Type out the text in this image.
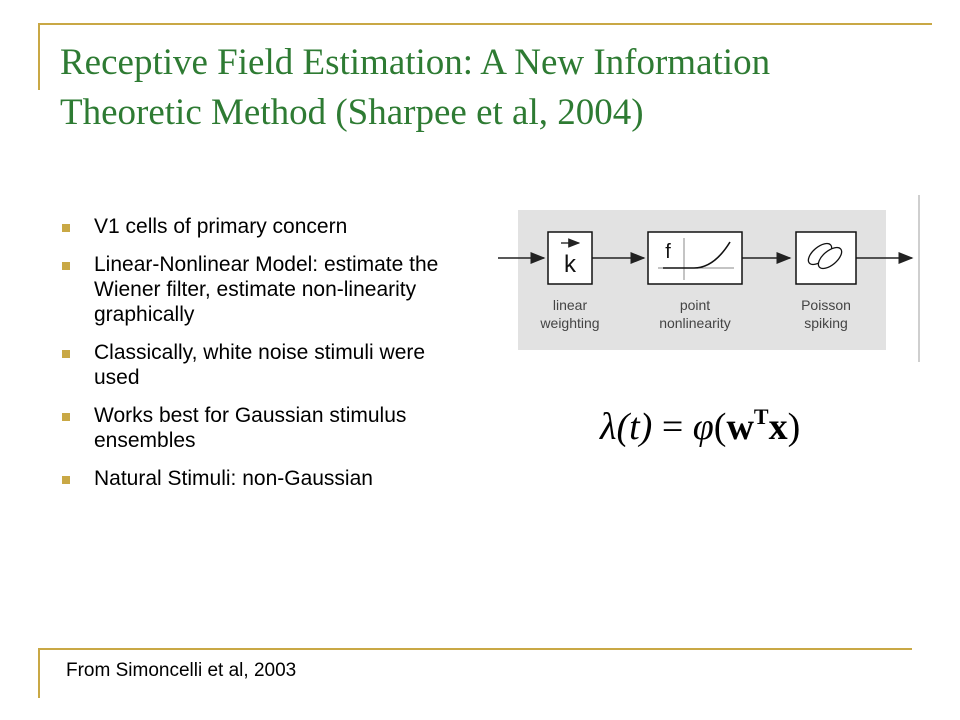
Receptive Field Estimation: A New Information
Theoretic Method (Sharpee et al, 2004)
V1 cells of primary concern
Linear-Nonlinear Model: estimate the Wiener filter, estimate non-linearity graphically
Classically, white noise stimuli were used
Works best for Gaussian stimulus ensembles
Natural Stimuli: non-Gaussian
k
linear
weighting
f
point
nonlinearity
Poisson
spiking
$\lambda(t) = \varphi(w^Tx)$
From Simoncelli et al, 2003
